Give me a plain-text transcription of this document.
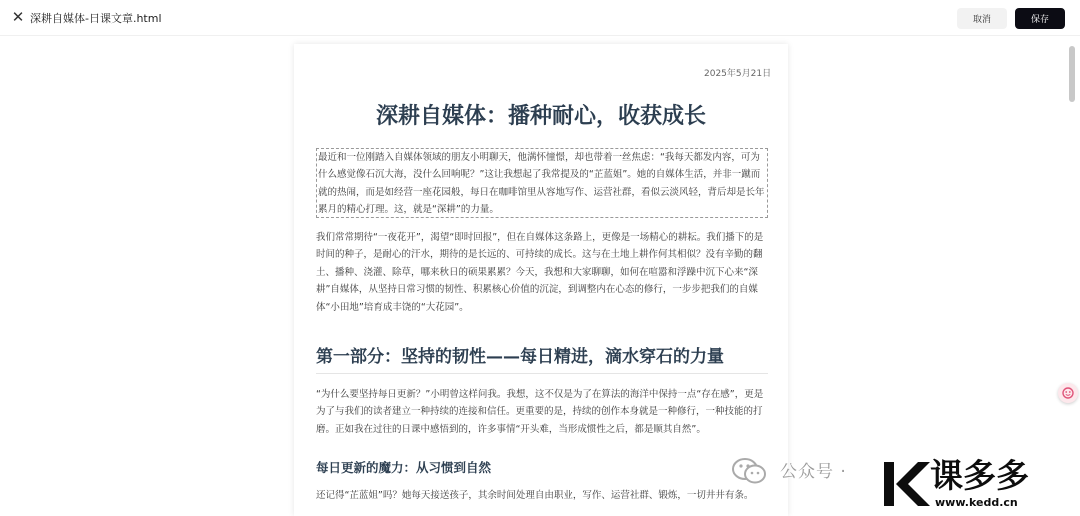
✕ 深耕自媒体-日课文章.html	取消	保存
2025年5月21日
深耕自媒体：播种耐心，收获成长
最近和一位刚踏入自媒体领域的朋友小明聊天，他满怀憧憬，却也带着一丝焦虑：“我每天都发内容，可为什么感觉像石沉大海，没什么回响呢？”这让我想起了我常提及的“芷蓝姐”。她的自媒体生活，并非一蹴而就的热闹，而是如经营一座花园般，每日在咖啡馆里从容地写作、运营社群，看似云淡风轻，背后却是长年累月的精心打理。这，就是“深耕”的力量。
我们常常期待“一夜花开”，渴望“即时回报”，但在自媒体这条路上，更像是一场精心的耕耘。我们播下的是时间的种子，是耐心的汗水，期待的是长远的、可持续的成长。这与在土地上耕作何其相似？没有辛勤的翻土、播种、浇灌、除草，哪来秋日的硕果累累？今天，我想和大家聊聊，如何在喧嚣和浮躁中沉下心来“深耕”自媒体，从坚持日常习惯的韧性、积累核心价值的沉淀，到调整内在心态的修行，一步步把我们的自媒体“小田地”培育成丰饶的“大花园”。
第一部分：坚持的韧性——每日精进，滴水穿石的力量
“为什么要坚持每日更新？”小明曾这样问我。我想，这不仅是为了在算法的海洋中保持一点“存在感”，更是为了与我们的读者建立一种持续的连接和信任。更重要的是，持续的创作本身就是一种修行，一种技能的打磨。正如我在过往的日课中感悟到的，许多事情“开头难，当形成惯性之后，都是顺其自然”。
每日更新的魔力：从习惯到自然
还记得“芷蓝姐”吗？她每天接送孩子，其余时间处理自由职业，写作、运营社群、锻炼，一切井井有条。
公众号 ·	课多多
www.kedd.cn
